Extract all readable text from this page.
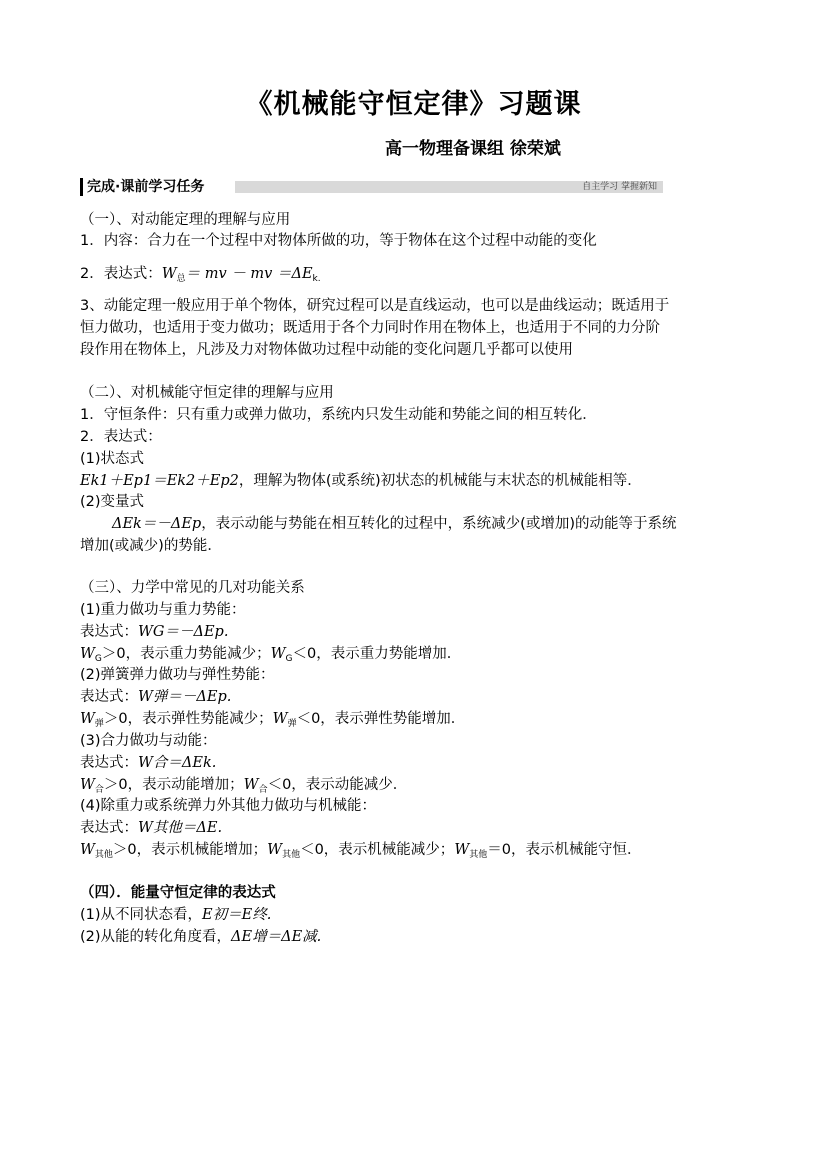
《机械能守恒定律》习题课
高一物理备课组 徐荣斌
完成·课前学习任务	自主学习 掌握新知
（一）、对动能定理的理解与应用
1．内容：合力在一个过程中对物体所做的功，等于物体在这个过程中动能的变化
2．表达式：$W_总=$ mv － mv $=\Delta E_{k.}$
3、动能定理一般应用于单个物体，研究过程可以是直线运动，也可以是曲线运动；既适用于
恒力做功，也适用于变力做功；既适用于各个力同时作用在物体上，也适用于不同的力分阶
段作用在物体上，凡涉及力对物体做功过程中动能的变化问题几乎都可以使用
（二）、对机械能守恒定律的理解与应用
1．守恒条件：只有重力或弹力做功，系统内只发生动能和势能之间的相互转化．
2．表达式：
(1)状态式
Ek1＋Ep1＝Ek2＋Ep2，理解为物体(或系统)初状态的机械能与末状态的机械能相等．
(2)变量式
ΔEk＝－ΔEp，表示动能与势能在相互转化的过程中，系统减少(或增加)的动能等于系统
增加(或减少)的势能．
（三）、力学中常见的几对功能关系
(1)重力做功与重力势能：
表达式：WG＝－ΔEp.
$W_G>0$，表示重力势能减少；$W_G<0$，表示重力势能增加．
(2)弹簧弹力做功与弹性势能：
表达式：W弹＝－ΔEp.
$W_弹>0$，表示弹性势能减少；$W_弹<0$，表示弹性势能增加．
(3)合力做功与动能：
表达式：W合＝ΔEk.
$W_合>0$，表示动能增加；$W_合<0$，表示动能减少．
(4)除重力或系统弹力外其他力做功与机械能：
表达式：W其他＝ΔE.
$W_{其他}>0$，表示机械能增加；$W_{其他}<0$，表示机械能减少；$W_{其他}=0$，表示机械能守恒．
（四）．能量守恒定律的表达式
(1)从不同状态看，E初＝E终.
(2)从能的转化角度看，ΔE增＝ΔE减.
